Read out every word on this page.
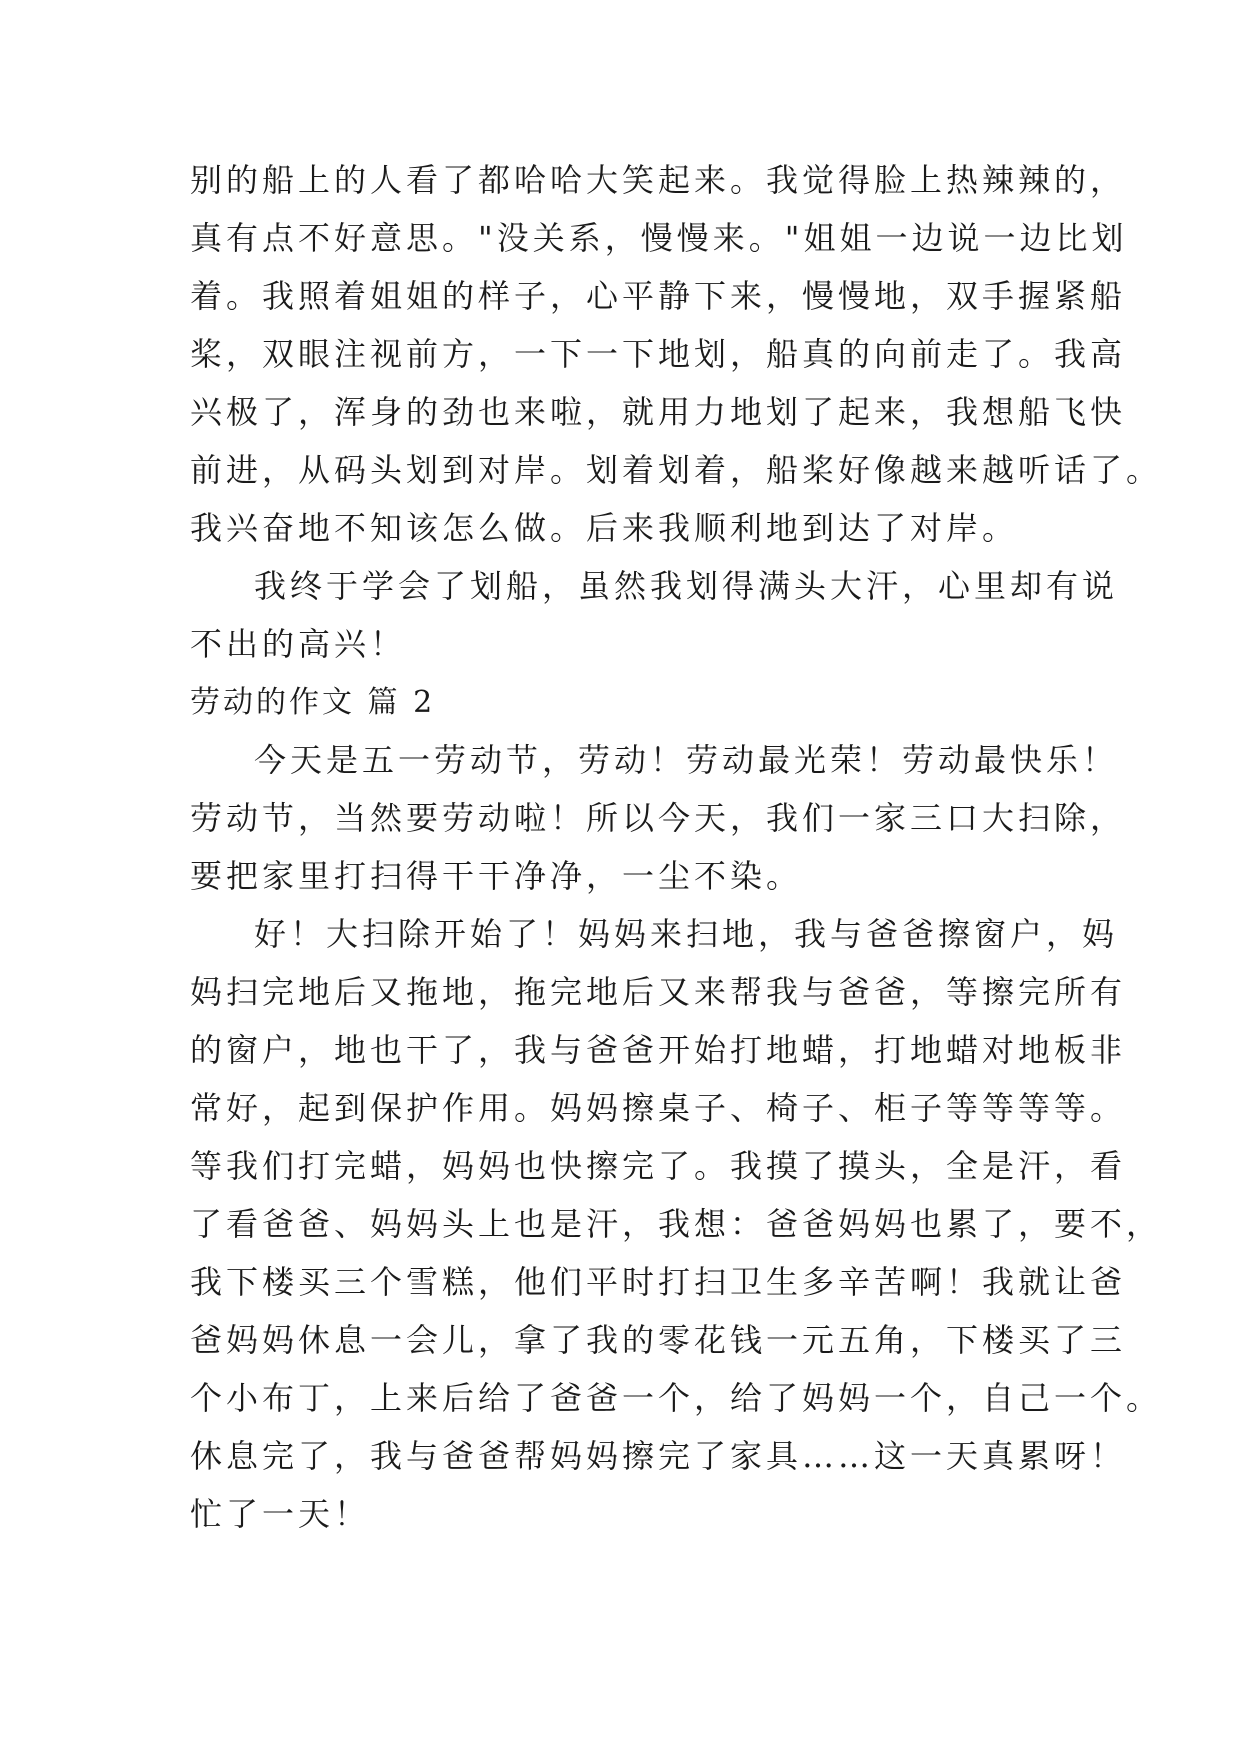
别的船上的人看了都哈哈大笑起来。我觉得脸上热辣辣的，
真有点不好意思。"没关系，慢慢来。"姐姐一边说一边比划
着。我照着姐姐的样子，心平静下来，慢慢地，双手握紧船
桨，双眼注视前方，一下一下地划，船真的向前走了。我高
兴极了，浑身的劲也来啦，就用力地划了起来，我想船飞快
前进，从码头划到对岸。划着划着，船桨好像越来越听话了。
我兴奋地不知该怎么做。后来我顺利地到达了对岸。
我终于学会了划船，虽然我划得满头大汗，心里却有说
不出的高兴！
劳动的作文 篇 2
今天是五一劳动节，劳动！劳动最光荣！劳动最快乐！
劳动节，当然要劳动啦！所以今天，我们一家三口大扫除，
要把家里打扫得干干净净，一尘不染。
好！大扫除开始了！妈妈来扫地，我与爸爸擦窗户，妈
妈扫完地后又拖地，拖完地后又来帮我与爸爸，等擦完所有
的窗户，地也干了，我与爸爸开始打地蜡，打地蜡对地板非
常好，起到保护作用。妈妈擦桌子、椅子、柜子等等等等。
等我们打完蜡，妈妈也快擦完了。我摸了摸头，全是汗，看
了看爸爸、妈妈头上也是汗，我想：爸爸妈妈也累了，要不，
我下楼买三个雪糕，他们平时打扫卫生多辛苦啊！我就让爸
爸妈妈休息一会儿，拿了我的零花钱一元五角，下楼买了三
个小布丁，上来后给了爸爸一个，给了妈妈一个，自己一个。
休息完了，我与爸爸帮妈妈擦完了家具……这一天真累呀！
忙了一天！
